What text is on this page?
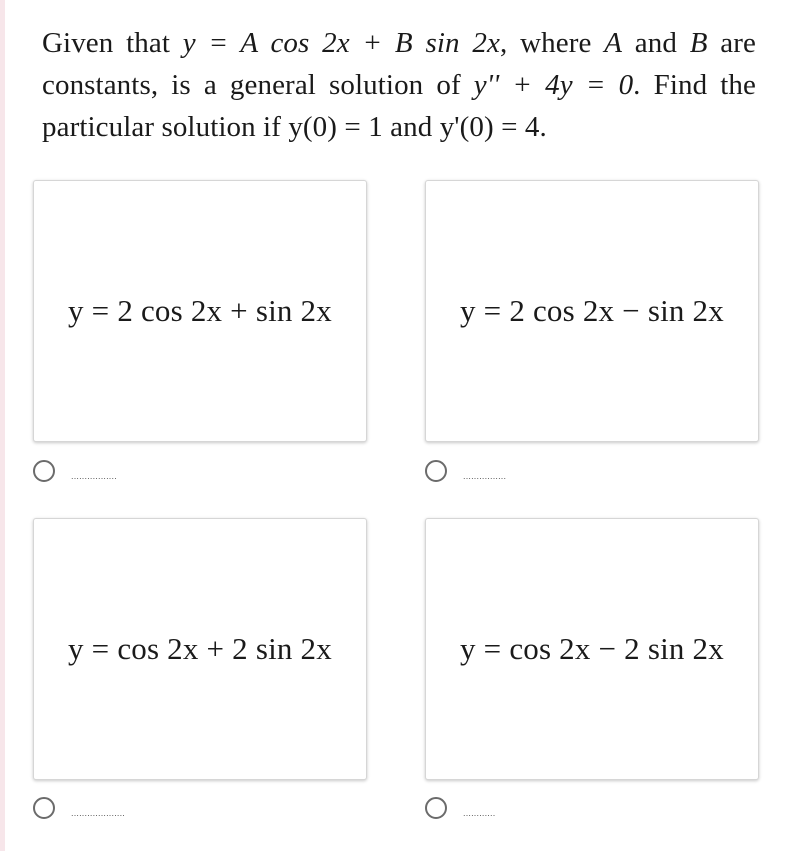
Given that y = A cos 2x + B sin 2x, where A and B are constants, is a general solution of y'' + 4y = 0. Find the particular solution if y(0) = 1 and y'(0) = 4.
y = 2 cos 2x + sin 2x
.................
y = 2 cos 2x − sin 2x
................
y = cos 2x + 2 sin 2x
....................
y = cos 2x − 2 sin 2x
............
